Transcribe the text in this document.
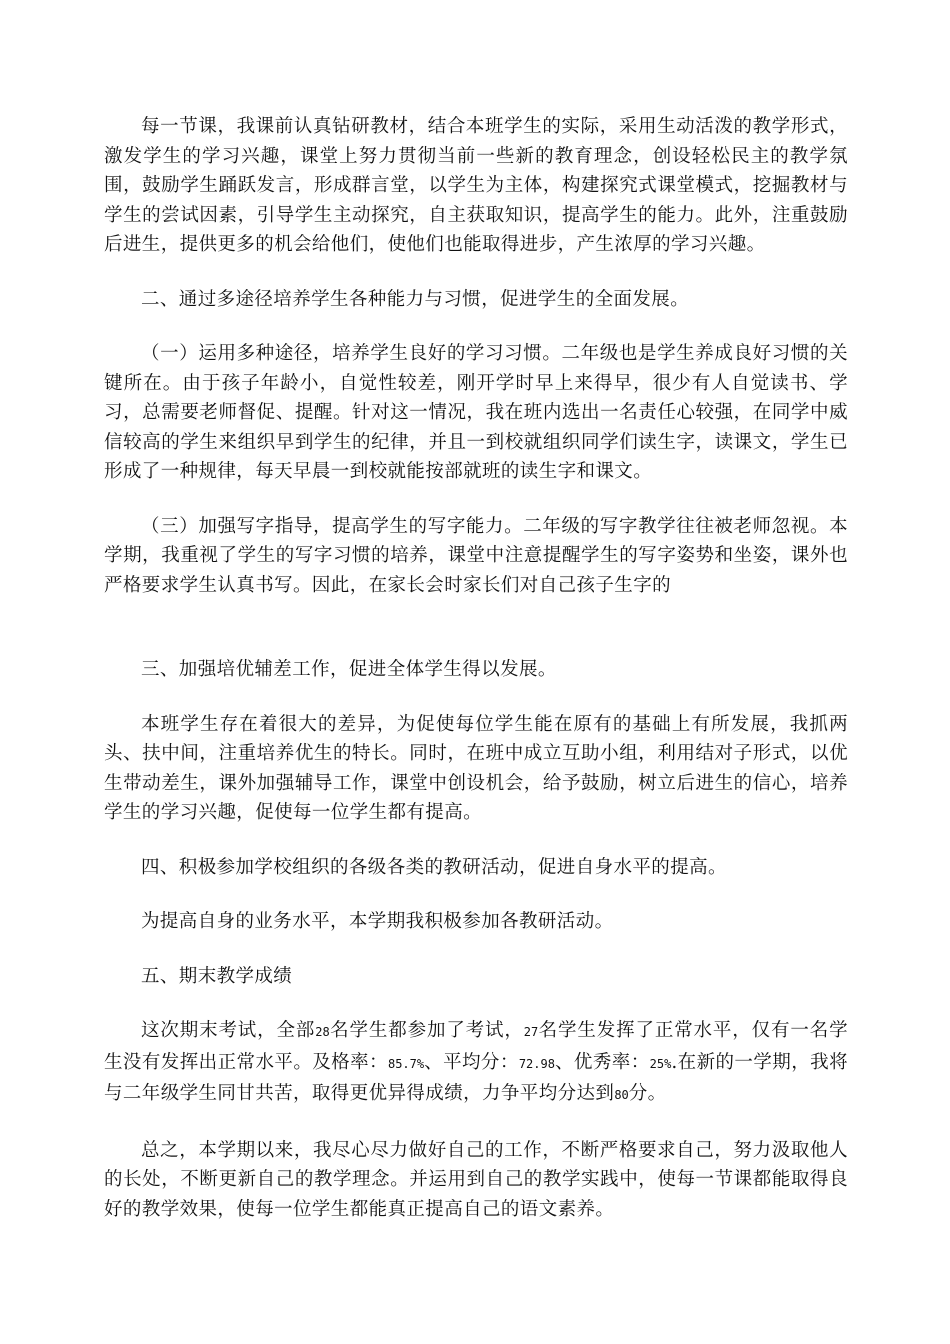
每一节课，我课前认真钻研教材，结合本班学生的实际，采用生动活泼的教学形式，激发学生的学习兴趣，课堂上努力贯彻当前一些新的教育理念，创设轻松民主的教学氛围，鼓励学生踊跃发言，形成群言堂，以学生为主体，构建探究式课堂模式，挖掘教材与学生的尝试因素，引导学生主动探究，自主获取知识，提高学生的能力。此外，注重鼓励后进生，提供更多的机会给他们，使他们也能取得进步，产生浓厚的学习兴趣。

二、通过多途径培养学生各种能力与习惯，促进学生的全面发展。

（一）运用多种途径，培养学生良好的学习习惯。二年级也是学生养成良好习惯的关键所在。由于孩子年龄小，自觉性较差，刚开学时早上来得早，很少有人自觉读书、学习，总需要老师督促、提醒。针对这一情况，我在班内选出一名责任心较强，在同学中威信较高的学生来组织早到学生的纪律，并且一到校就组织同学们读生字，读课文，学生已形成了一种规律，每天早晨一到校就能按部就班的读生字和课文。

（三）加强写字指导，提高学生的写字能力。二年级的写字教学往往被老师忽视。本学期，我重视了学生的写字习惯的培养，课堂中注意提醒学生的写字姿势和坐姿，课外也严格要求学生认真书写。因此，在家长会时家长们对自己孩子生字的

三、加强培优辅差工作，促进全体学生得以发展。

本班学生存在着很大的差异，为促使每位学生能在原有的基础上有所发展，我抓两头、扶中间，注重培养优生的特长。同时，在班中成立互助小组，利用结对子形式，以优生带动差生，课外加强辅导工作，课堂中创设机会，给予鼓励，树立后进生的信心，培养学生的学习兴趣，促使每一位学生都有提高。

四、积极参加学校组织的各级各类的教研活动，促进自身水平的提高。

为提高自身的业务水平，本学期我积极参加各教研活动。

五、期末教学成绩

这次期末考试，全部28名学生都参加了考试，27名学生发挥了正常水平，仅有一名学生没有发挥出正常水平。及格率：85.7%、平均分：72.98、优秀率：25%.在新的一学期，我将与二年级学生同甘共苦，取得更优异得成绩，力争平均分达到80分。

总之，本学期以来，我尽心尽力做好自己的工作，不断严格要求自己，努力汲取他人的长处，不断更新自己的教学理念。并运用到自己的教学实践中，使每一节课都能取得良好的教学效果，使每一位学生都能真正提高自己的语文素养。
